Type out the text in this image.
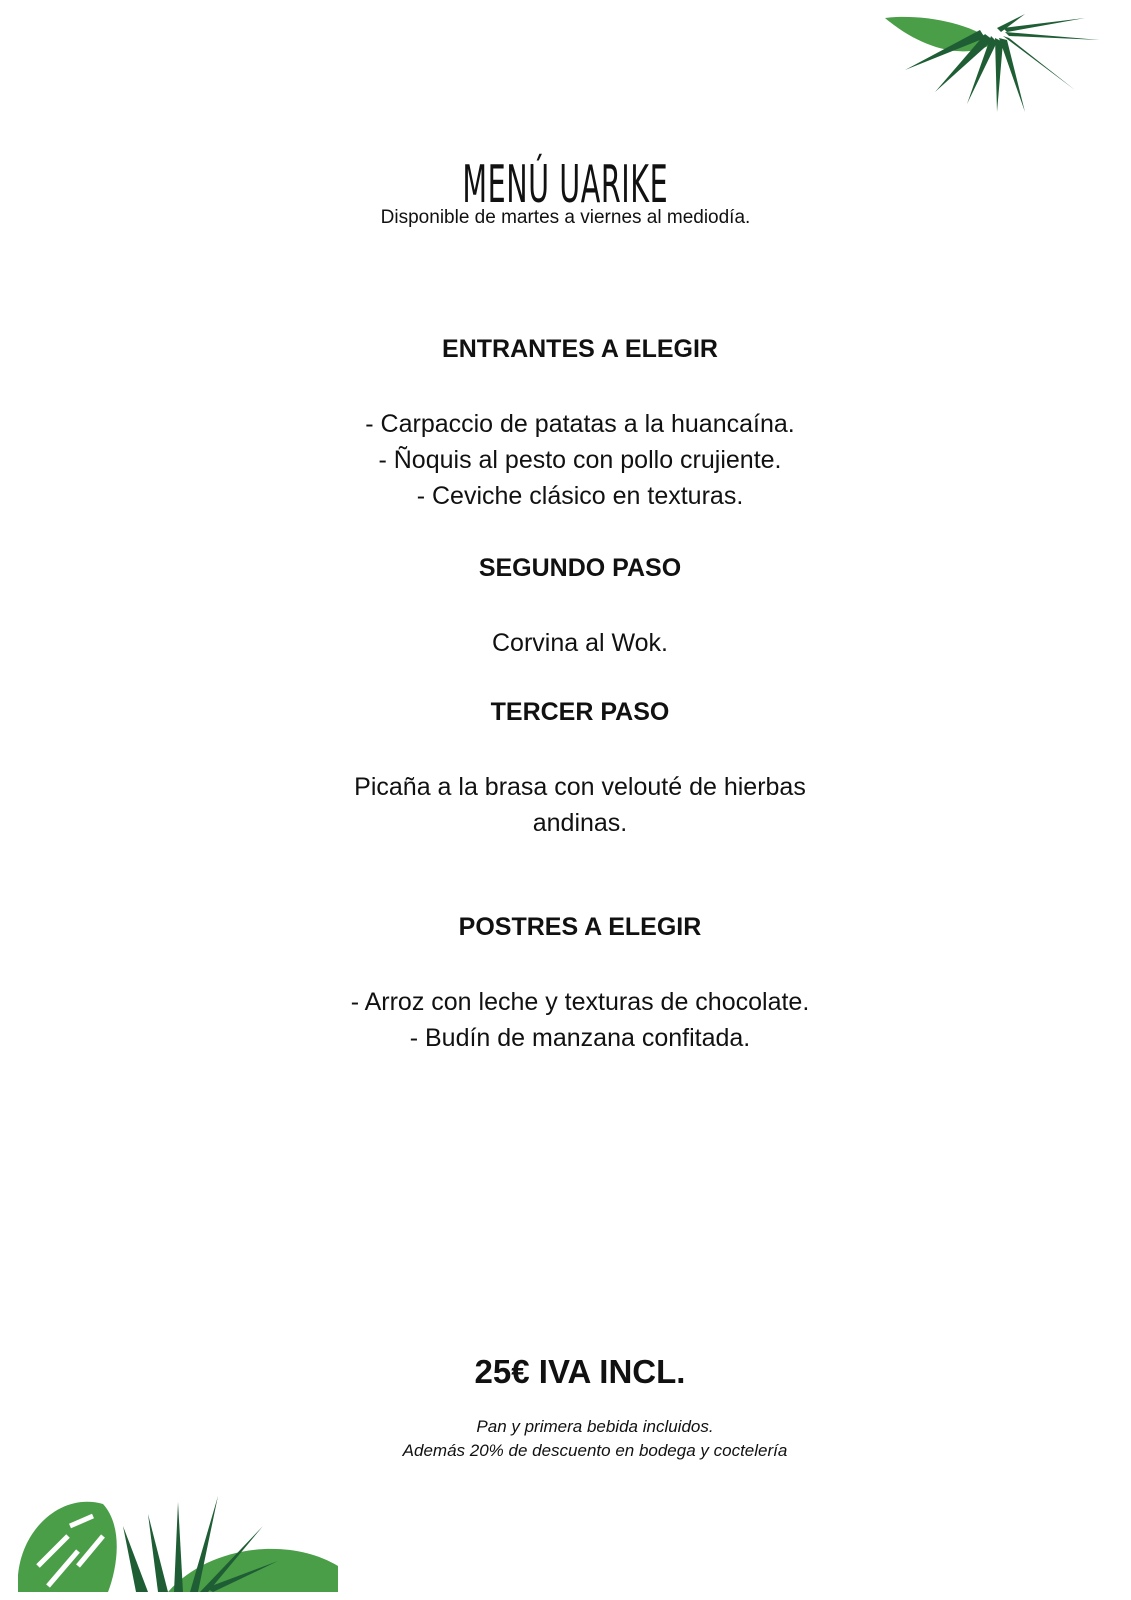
MENÚ UARIKE
Disponible de martes a viernes al mediodía.
ENTRANTES A ELEGIR
- Carpaccio de patatas a la huancaína.
- Ñoquis al pesto con pollo crujiente.
- Ceviche clásico en texturas.
SEGUNDO PASO
Corvina al Wok.
TERCER PASO
Picaña a la brasa con velouté de hierbas andinas.
POSTRES A ELEGIR
- Arroz con leche y texturas de chocolate.
- Budín de manzana confitada.
25€ IVA INCL.
Pan y primera bebida incluidos.
Además 20% de descuento en bodega y coctelería
